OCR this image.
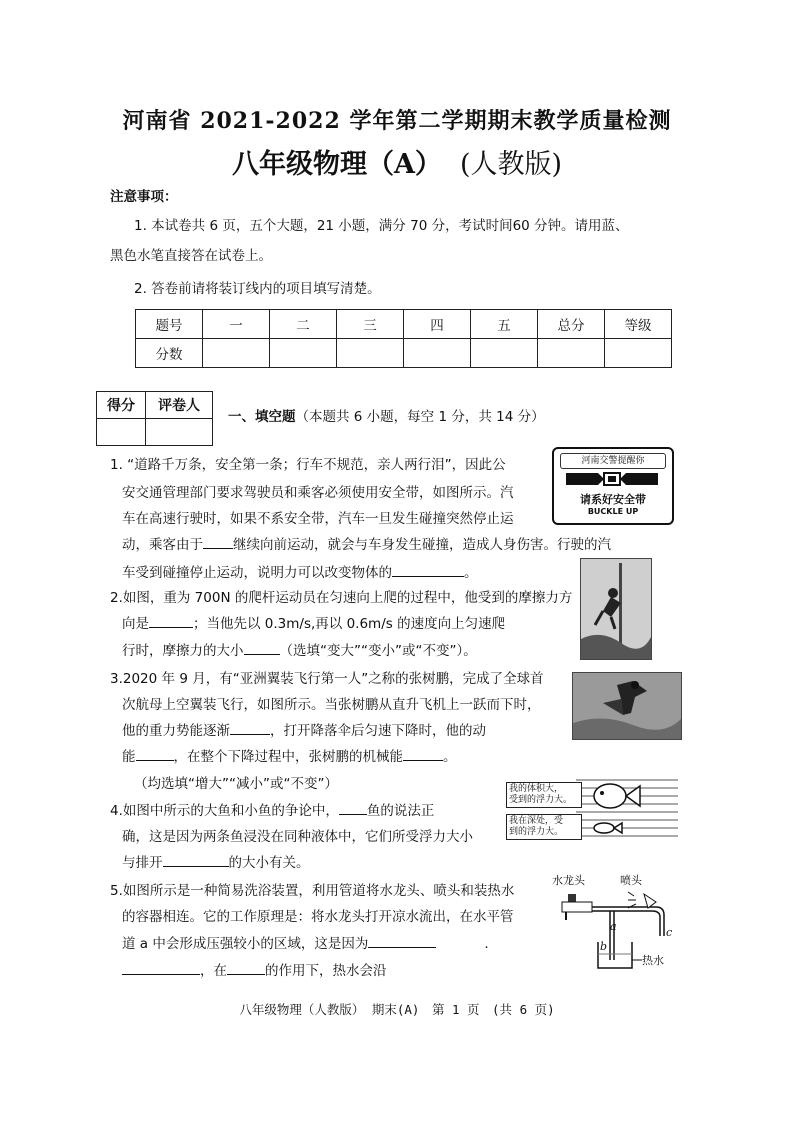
河南省 2021-2022 学年第二学期期末教学质量检测
八年级物理（A） (人教版)
注意事项：
1. 本试卷共 6 页，五个大题，21 小题，满分 70 分，考试时间60 分钟。请用蓝、
黑色水笔直接答在试卷上。
2. 答卷前请将装订线内的项目填写清楚。
题号	一	二	三	四	五	总分	等级
分数							
得分	评卷人

一、填空题（本题共 6 小题，每空 1 分，共 14 分）
1. “道路千万条，安全第一条；行车不规范，亲人两行泪”，因此公
安交通管理部门要求驾驶员和乘客必须使用安全带，如图所示。汽
车在高速行驶时，如果不系安全带，汽车一旦发生碰撞突然停止运
动，乘客由于 继续向前运动，就会与车身发生碰撞，造成人身伤害。行驶的汽
车受到碰撞停止运动，说明力可以改变物体的	。
河南交警提醒你
请系好安全带
BUCKLE UP
2.如图，重为 700N 的爬杆运动员在匀速向上爬的过程中，他受到的摩擦力方
向是	；当他先以 0.3m/s,再以 0.6m/s 的速度向上匀速爬
行时，摩擦力的大小	（选填“变大”“变小”或“不变”）。
3.2020 年 9 月，有“亚洲翼装飞行第一人”之称的张树鹏，完成了全球首
次航母上空翼装飞行，如图所示。当张树鹏从直升飞机上一跃而下时，
他的重力势能逐渐	，打开降落伞后匀速下降时，他的动
能	，在整个下降过程中，张树鹏的机械能	。
（均选填“增大”“减小”或“不变”）
4.如图中所示的大鱼和小鱼的争论中， 鱼的说法正
确，这是因为两条鱼浸没在同种液体中，它们所受浮力大小
与排开	的大小有关。
我的体积大，
受到的浮力大。
我在深处，受
到的浮力大。
5.如图所示是一种简易洗浴装置，利用管道将水龙头、喷头和装热水
的容器相连。它的工作原理是：将水龙头打开凉水流出，在水平管
道 a 中会形成压强较小的区域，这是因为	.
，在	的作用下，热水会沿
水龙头	喷头
a
b
c
热水
八年级物理（人教版） 期末(A)　第 1 页　(共 6 页)
